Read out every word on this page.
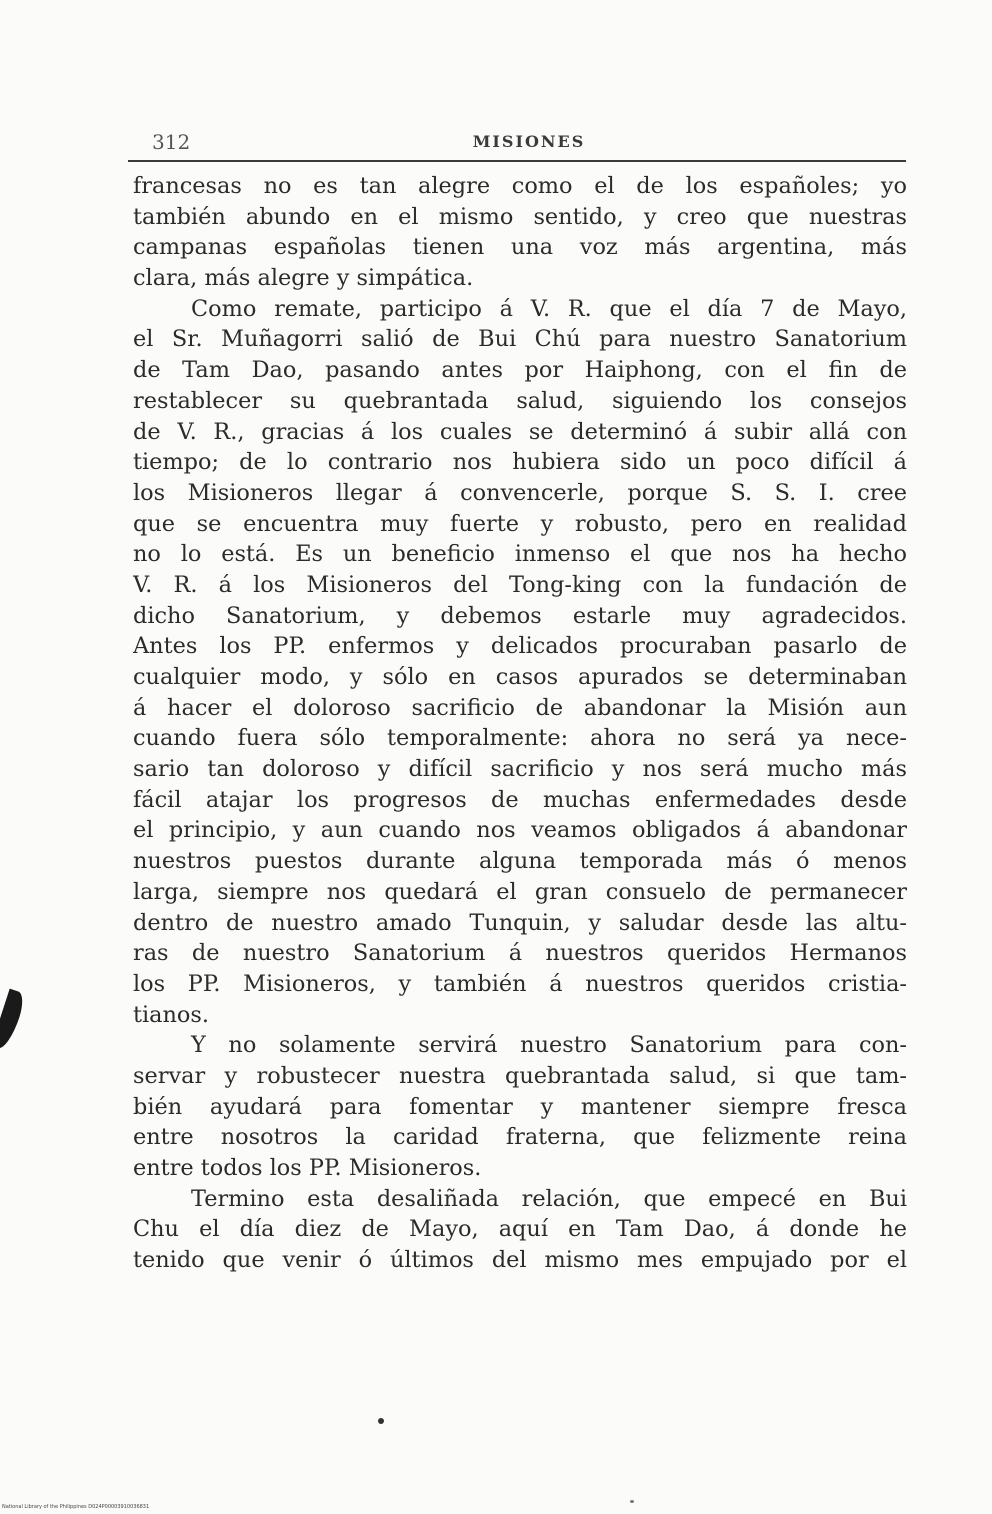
312	MISIONES
francesas no es tan alegre como el de los españoles; yo
también abundo en el mismo sentido, y creo que nuestras
campanas españolas tienen una voz más argentina, más
clara, más alegre y simpática.
Como remate, participo á V. R. que el día 7 de Mayo,
el Sr. Muñagorri salió de Bui Chú para nuestro Sanatorium
de Tam Dao, pasando antes por Haiphong, con el fin de
restablecer su quebrantada salud, siguiendo los consejos
de V. R., gracias á los cuales se determinó á subir allá con
tiempo; de lo contrario nos hubiera sido un poco difícil á
los Misioneros llegar á convencerle, porque S. S. I. cree
que se encuentra muy fuerte y robusto, pero en realidad
no lo está. Es un beneficio inmenso el que nos ha hecho
V. R. á los Misioneros del Tong-king con la fundación de
dicho Sanatorium, y debemos estarle muy agradecidos.
Antes los PP. enfermos y delicados procuraban pasarlo de
cualquier modo, y sólo en casos apurados se determinaban
á hacer el doloroso sacrificio de abandonar la Misión aun
cuando fuera sólo temporalmente: ahora no será ya nece-
sario tan doloroso y difícil sacrificio y nos será mucho más
fácil atajar los progresos de muchas enfermedades desde
el principio, y aun cuando nos veamos obligados á abandonar
nuestros puestos durante alguna temporada más ó menos
larga, siempre nos quedará el gran consuelo de permanecer
dentro de nuestro amado Tunquin, y saludar desde las altu-
ras de nuestro Sanatorium á nuestros queridos Hermanos
los PP. Misioneros, y también á nuestros queridos cristia-
tianos.
Y no solamente servirá nuestro Sanatorium para con-
servar y robustecer nuestra quebrantada salud, si que tam-
bién ayudará para fomentar y mantener siempre fresca
entre nosotros la caridad fraterna, que felizmente reina
entre todos los PP. Misioneros.
Termino esta desaliñada relación, que empecé en Bui
Chu el día diez de Mayo, aquí en Tam Dao, á donde he
tenido que venir ó últimos del mismo mes empujado por el
National Library of the Philippines D024P00003910036831
